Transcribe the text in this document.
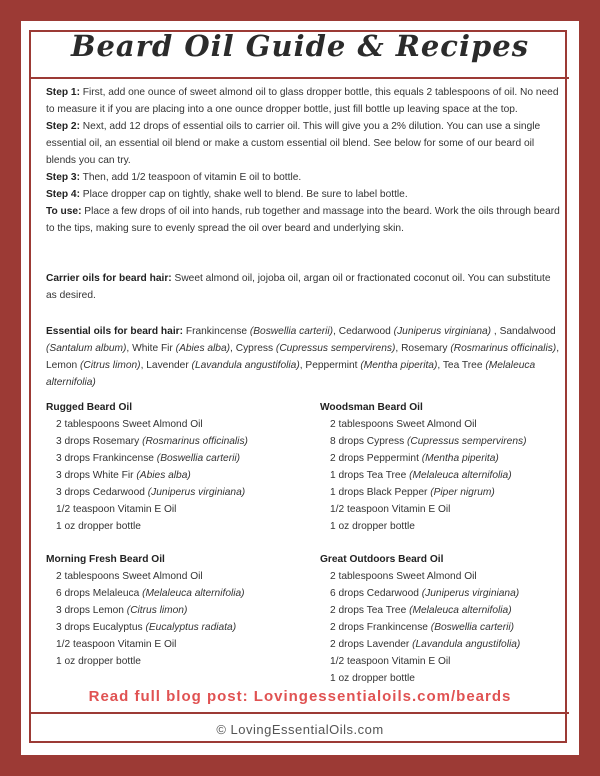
Beard Oil Guide & Recipes
Step 1: First, add one ounce of sweet almond oil to glass dropper bottle, this equals 2 tablespoons of oil. No need to measure it if you are placing into a one ounce dropper bottle, just fill bottle up leaving space at the top.
Step 2: Next, add 12 drops of essential oils to carrier oil. This will give you a 2% dilution. You can use a single essential oil, an essential oil blend or make a custom essential oil blend. See below for some of our beard oil blends you can try.
Step 3: Then, add 1/2 teaspoon of vitamin E oil to bottle.
Step 4: Place dropper cap on tightly, shake well to blend. Be sure to label bottle.
To use: Place a few drops of oil into hands, rub together and massage into the beard. Work the oils through beard to the tips, making sure to evenly spread the oil over beard and underlying skin.
Carrier oils for beard hair: Sweet almond oil, jojoba oil, argan oil or fractionated coconut oil. You can substitute as desired.
Essential oils for beard hair: Frankincense (Boswellia carterii), Cedarwood (Juniperus virginiana) , Sandalwood (Santalum album), White Fir (Abies alba), Cypress (Cupressus sempervirens), Rosemary (Rosmarinus officinalis), Lemon (Citrus limon), Lavender (Lavandula angustifolia), Peppermint (Mentha piperita), Tea Tree (Melaleuca alternifolia)
Rugged Beard Oil
2 tablespoons Sweet Almond Oil
3 drops Rosemary (Rosmarinus officinalis)
3 drops Frankincense (Boswellia carterii)
3 drops White Fir (Abies alba)
3 drops Cedarwood (Juniperus virginiana)
1/2 teaspoon Vitamin E Oil
1 oz dropper bottle
Woodsman Beard Oil
2 tablespoons Sweet Almond Oil
8 drops Cypress (Cupressus sempervirens)
2 drops Peppermint (Mentha piperita)
1 drops Tea Tree (Melaleuca alternifolia)
1 drops Black Pepper (Piper nigrum)
1/2 teaspoon Vitamin E Oil
1 oz dropper bottle
Morning Fresh Beard Oil
2 tablespoons Sweet Almond Oil
6 drops Melaleuca (Melaleuca alternifolia)
3 drops Lemon (Citrus limon)
3 drops Eucalyptus (Eucalyptus radiata)
1/2 teaspoon Vitamin E Oil
1 oz dropper bottle
Great Outdoors Beard Oil
2 tablespoons Sweet Almond Oil
6 drops Cedarwood (Juniperus virginiana)
2 drops Tea Tree (Melaleuca alternifolia)
2 drops Frankincense (Boswellia carterii)
2 drops Lavender (Lavandula angustifolia)
1/2 teaspoon Vitamin E Oil
1 oz dropper bottle
Read full blog post: Lovingessentialoils.com/beards
© LovingEssentialOils.com
